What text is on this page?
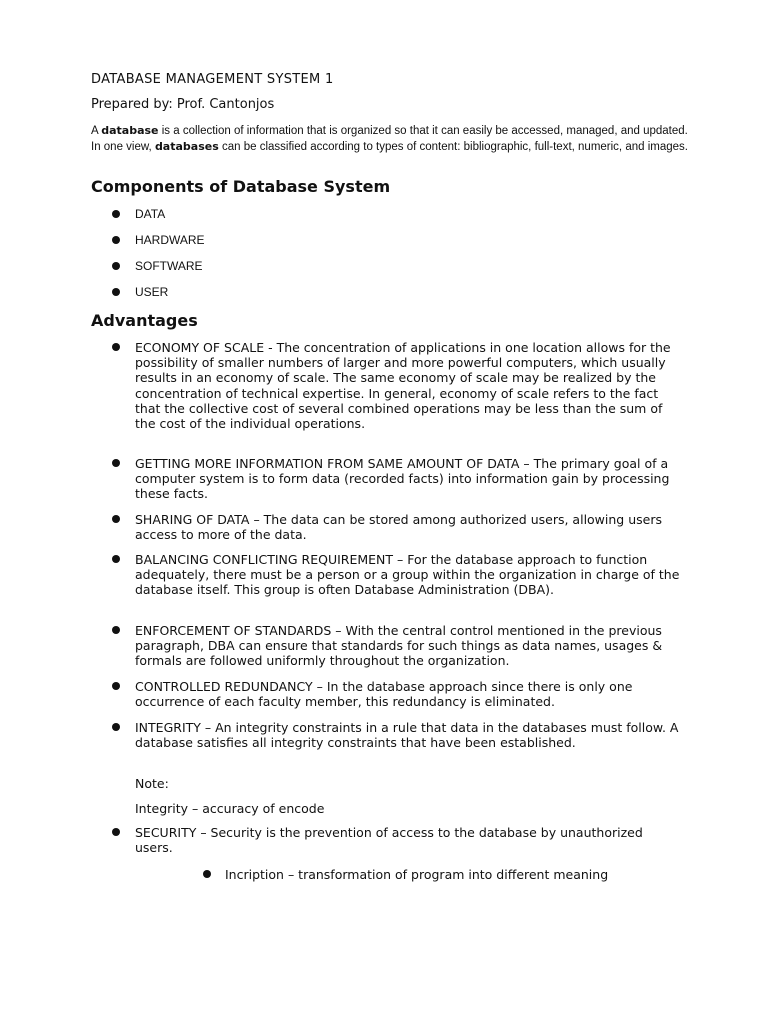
DATABASE MANAGEMENT SYSTEM 1
Prepared by: Prof. Cantonjos
A database is a collection of information that is organized so that it can easily be accessed, managed, and updated. In one view, databases can be classified according to types of content: bibliographic, full-text, numeric, and images.
Components of Database System
DATA
HARDWARE
SOFTWARE
USER
Advantages
ECONOMY OF SCALE - The concentration of applications in one location allows for the possibility of smaller numbers of larger and more powerful computers, which usually results in an economy of scale. The same economy of scale may be realized by the concentration of technical expertise. In general, economy of scale refers to the fact that the collective cost of several combined operations may be less than the sum of the cost of the individual operations.
GETTING MORE INFORMATION FROM SAME AMOUNT OF DATA – The primary goal of a computer system is to form data (recorded facts) into information gain by processing these facts.
SHARING OF DATA – The data can be stored among authorized users, allowing users access to more of the data.
BALANCING CONFLICTING REQUIREMENT – For the database approach to function adequately, there must be a person or a group within the organization in charge of the database itself. This group is often Database Administration (DBA).
ENFORCEMENT OF STANDARDS – With the central control mentioned in the previous paragraph, DBA can ensure that standards for such things as data names, usages & formals are followed uniformly throughout the organization.
CONTROLLED REDUNDANCY – In the database approach since there is only one occurrence of each faculty member, this redundancy is eliminated.
INTEGRITY – An integrity constraints in a rule that data in the databases must follow. A database satisfies all integrity constraints that have been established.
Note:
Integrity – accuracy of encode
SECURITY – Security is the prevention of access to the database by unauthorized users.
Incription – transformation of program into different meaning
